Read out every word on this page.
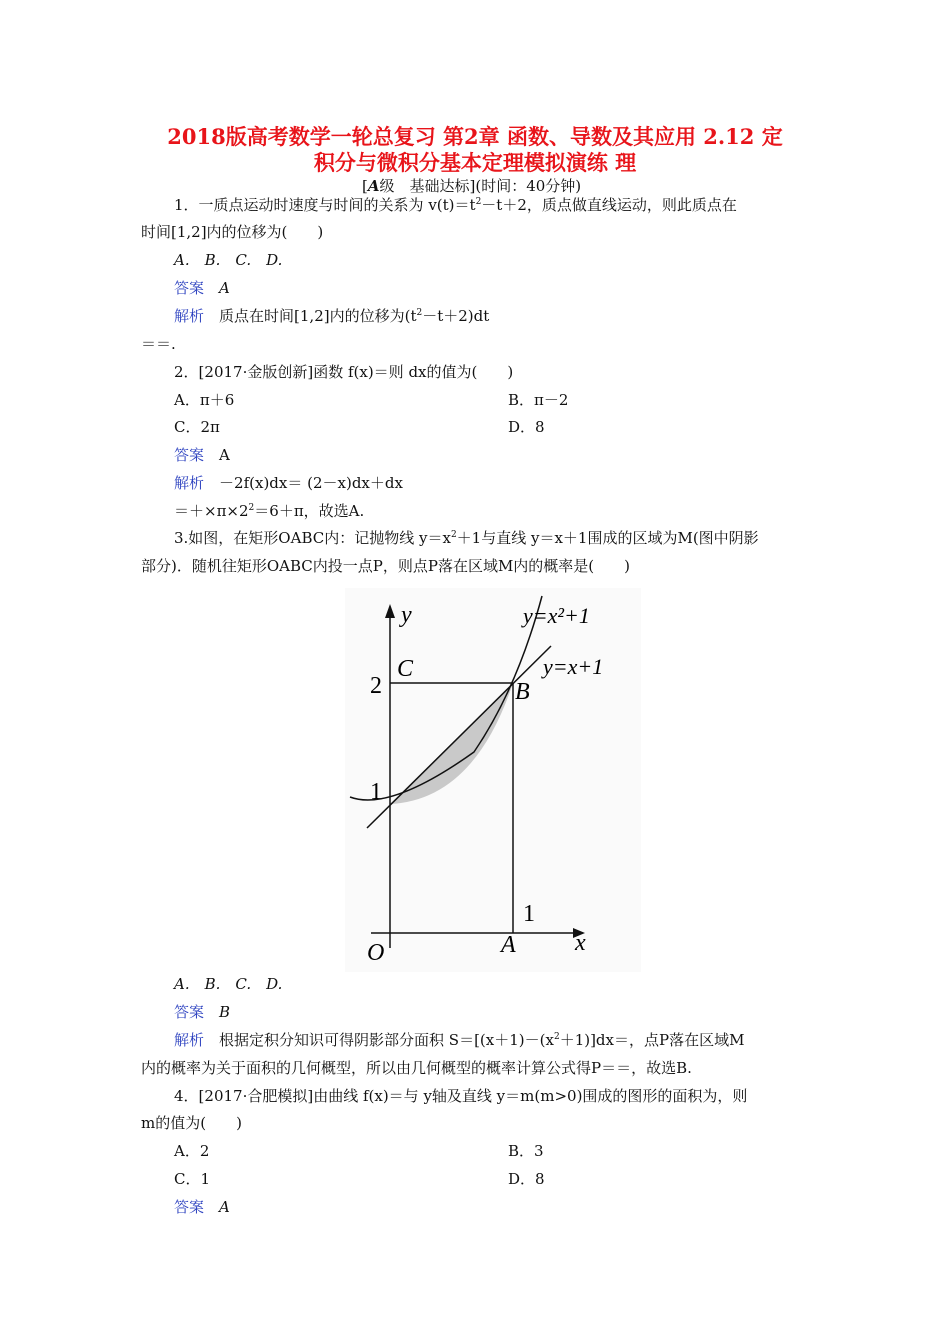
2018版高考数学一轮总复习 第2章 函数、导数及其应用 2.12 定
积分与微积分基本定理模拟演练 理
[A级　基础达标](时间：40分钟)
1．一质点运动时速度与时间的关系为 $v(t)=t^2-t+2$，质点做直线运动，则此质点在
时间[1,2]内的位移为(　　)
A.　B.　C.　D.
答案　 A
解析　 质点在时间[1,2]内的位移为$(t^2-t+2)dt$
＝＝.
2．[2017·金版创新]函数 f(x)＝则 dx的值为(　　)
A．π＋6	B．π－2
C．2π	D．8
答案　 A
解析　 －2f(x)dx＝ (2－x)dx＋dx
$=+\times\pi\times 2^2=6+\pi$，故选A.
3.如图，在矩形OABC内：记抛物线 $y=x^2+1$与直线 y＝x＋1围成的区域为M(图中阴影
部分)．随机往矩形OABC内投一点P，则点P落在区域M内的概率是(　　)
y
x
O	A
C
B
2
1
1
y=x²+1
y=x+1
A.　B.　C.　D.
答案　 B
解析　 根据定积分知识可得阴影部分面积 $S=[(x+1)-(x^2+1)]dx=$，点P落在区域M
内的概率为关于面积的几何概型，所以由几何概型的概率计算公式得P＝＝，故选B.
4．[2017·合肥模拟]由曲线 f(x)＝与 y轴及直线 y＝m(m>0)围成的图形的面积为，则
m的值为(　　)
A．2	B．3
C．1	D．8
答案　 A
